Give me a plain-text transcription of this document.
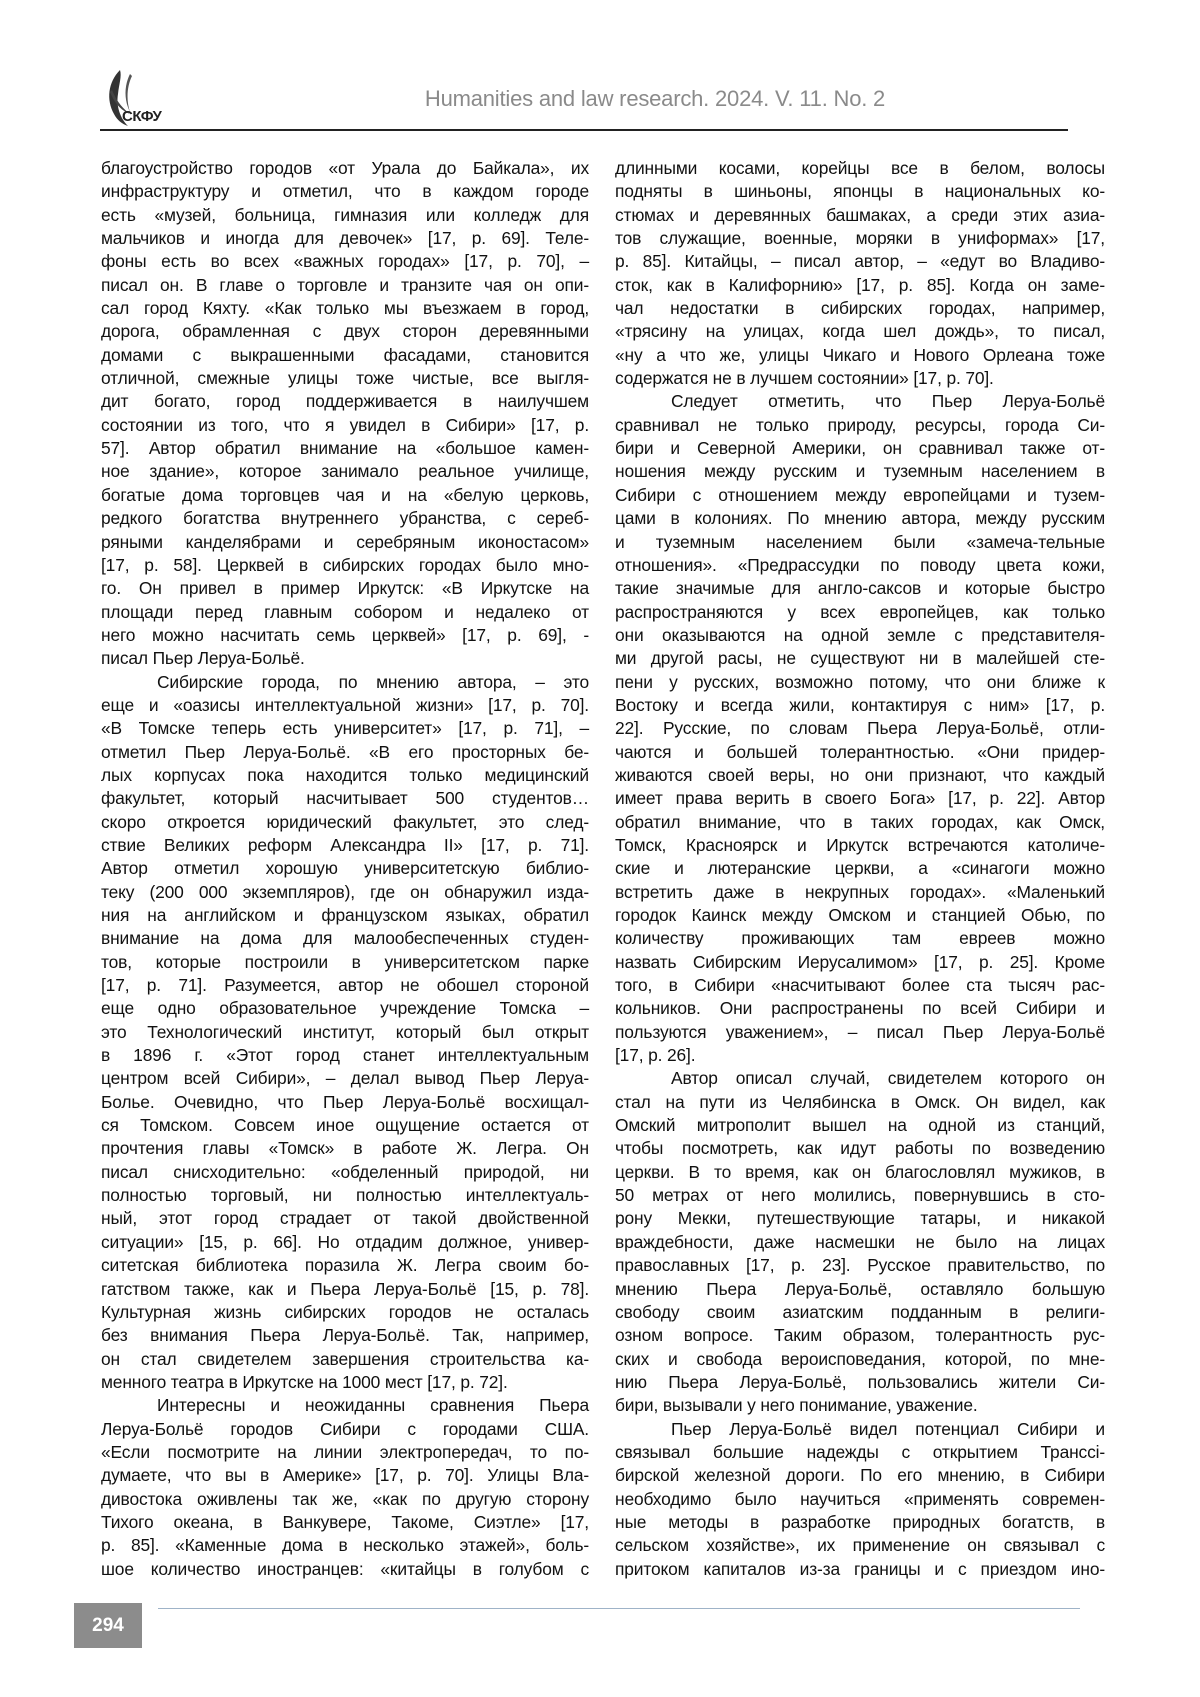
СКФУ
Humanities and law research. 2024. V. 11. No. 2
благоустройство городов «от Урала до Байкала», их
инфраструктуру и отметил, что в каждом городе
есть «музей, больница, гимназия или колледж для
мальчиков и иногда для девочек» [17, p. 69]. Теле-
фоны есть во всех «важных городах» [17, p. 70], –
писал он. В главе о торговле и транзите чая он опи-
сал город Кяхту. «Как только мы въезжаем в город,
дорога, обрамленная с двух сторон деревянными
домами с выкрашенными фасадами, становится
отличной, смежные улицы тоже чистые, все выгля-
дит богато, город поддерживается в наилучшем
состоянии из того, что я увидел в Сибири» [17, p.
57]. Автор обратил внимание на «большое камен-
ное здание», которое занимало реальное училище,
богатые дома торговцев чая и на «белую церковь,
редкого богатства внутреннего убранства, с сереб-
ряными канделябрами и серебряным иконостасом»
[17, p. 58]. Церквей в сибирских городах было мно-
го. Он привел в пример Иркутск: «В Иркутске на
площади перед главным собором и недалеко от
него можно насчитать семь церквей» [17, p. 69], -
писал Пьер Леруа-Больё.
Сибирские города, по мнению автора, – это
еще и «оазисы интеллектуальной жизни» [17, p. 70].
«В Томске теперь есть университет» [17, p. 71], –
отметил Пьер Леруа-Больё. «В его просторных бе-
лых корпусах пока находится только медицинский
факультет, который насчитывает 500 студентов…
скоро откроется юридический факультет, это след-
ствие Великих реформ Александра II» [17, p. 71].
Автор отметил хорошую университетскую библио-
теку (200 000 экземпляров), где он обнаружил изда-
ния на английском и французском языках, обратил
внимание на дома для малообеспеченных студен-
тов, которые построили в университетском парке
[17, p. 71]. Разумеется, автор не обошел стороной
еще одно образовательное учреждение Томска –
это Технологический институт, который был открыт
в 1896 г. «Этот город станет интеллектуальным
центром всей Сибири», – делал вывод Пьер Леруа-
Больe. Очевидно, что Пьер Леруа-Больё восхищал-
ся Томском. Совсем иное ощущение остается от
прочтения главы «Томск» в работе Ж. Легра. Он
писал снисходительно: «обделенный природой, ни
полностью торговый, ни полностью интеллектуаль-
ный, этот город страдает от такой двойственной
ситуации» [15, p. 66]. Но отдадим должное, универ-
ситетская библиотека поразила Ж. Легра своим бо-
гатством также, как и Пьера Леруа-Больё [15, p. 78].
Культурная жизнь сибирских городов не осталась
без внимания Пьера Леруа-Больё. Так, например,
он стал свидетелем завершения строительства ка-
менного театра в Иркутске на 1000 мест [17, p. 72].
Интересны и неожиданны сравнения Пьера
Леруа-Больё городов Сибири с городами США.
«Если посмотрите на линии электропередач, то по-
думаете, что вы в Америке» [17, p. 70]. Улицы Вла-
дивостока оживлены так же, «как по другую сторону
Тихого океана, в Ванкувере, Такоме, Сиэтле» [17,
p. 85]. «Каменные дома в несколько этажей», боль-
шое количество иностранцев: «китайцы в голубом с
длинными косами, корейцы все в белом, волосы
подняты в шиньоны, японцы в национальных ко-
стюмах и деревянных башмаках, а среди этих азиа-
тов служащие, военные, моряки в униформах» [17,
p. 85]. Китайцы, – писал автор, – «едут во Владиво-
сток, как в Калифорнию» [17, p. 85]. Когда он заме-
чал недостатки в сибирских городах, например,
«трясину на улицах, когда шел дождь», то писал,
«ну а что же, улицы Чикаго и Нового Орлеана тоже
содержатся не в лучшем состоянии» [17, p. 70].
Следует отметить, что Пьер Леруа-Больё
сравнивал не только природу, ресурсы, города Си-
бири и Северной Америки, он сравнивал также от-
ношения между русским и туземным населением в
Сибири с отношением между европейцами и тузем-
цами в колониях. По мнению автора, между русским
и туземным населением были «замеча-тельные
отношения». «Предрассудки по поводу цвета кожи,
такие значимые для англо-саксов и которые быстро
распространяются у всех европейцев, как только
они оказываются на одной земле с представителя-
ми другой расы, не существуют ни в малейшей сте-
пени у русских, возможно потому, что они ближе к
Востоку и всегда жили, контактируя с ним» [17, p.
22]. Русские, по словам Пьера Леруа-Больё, отли-
чаются и большей толерантностью. «Они придер-
живаются своей веры, но они признают, что каждый
имеет права верить в своего Бога» [17, p. 22]. Автор
обратил внимание, что в таких городах, как Омск,
Томск, Красноярск и Иркутск встречаются католиче-
ские и лютеранские церкви, а «синагоги можно
встретить даже в некрупных городах». «Маленький
городок Каинск между Омском и станцией Обью, по
количеству проживающих там евреев можно
назвать Сибирским Иерусалимом» [17, p. 25]. Кроме
того, в Сибири «насчитывают более ста тысяч рас-
кольников. Они распространены по всей Сибири и
пользуются уважением», – писал Пьер Леруа-Больё
[17, p. 26].
Автор описал случай, свидетелем которого он
стал на пути из Челябинска в Омск. Он видел, как
Омский митрополит вышел на одной из станций,
чтобы посмотреть, как идут работы по возведению
церкви. В то время, как он благословлял мужиков, в
50 метрах от него молились, повернувшись в сто-
рону Мекки, путешествующие татары, и никакой
враждебности, даже насмешки не было на лицах
православных [17, p. 23]. Русское правительство, по
мнению Пьера Леруа-Больё, оставляло большую
свободу своим азиатским подданным в религи-
озном вопросе. Таким образом, толерантность рус-
ских и свобода вероисповедания, которой, по мне-
нию Пьера Леруа-Больё, пользовались жители Си-
бири, вызывали у него понимание, уважение.
Пьер Леруа-Больё видел потенциал Сибири и
связывал большие надежды с открытием Транссі-
бирской железной дороги. По его мнению, в Сибири
необходимо было научиться «применять современ-
ные методы в разработке природных богатств, в
сельском хозяйстве», их применение он связывал с
притоком капиталов из-за границы и с приездом ино-
294
